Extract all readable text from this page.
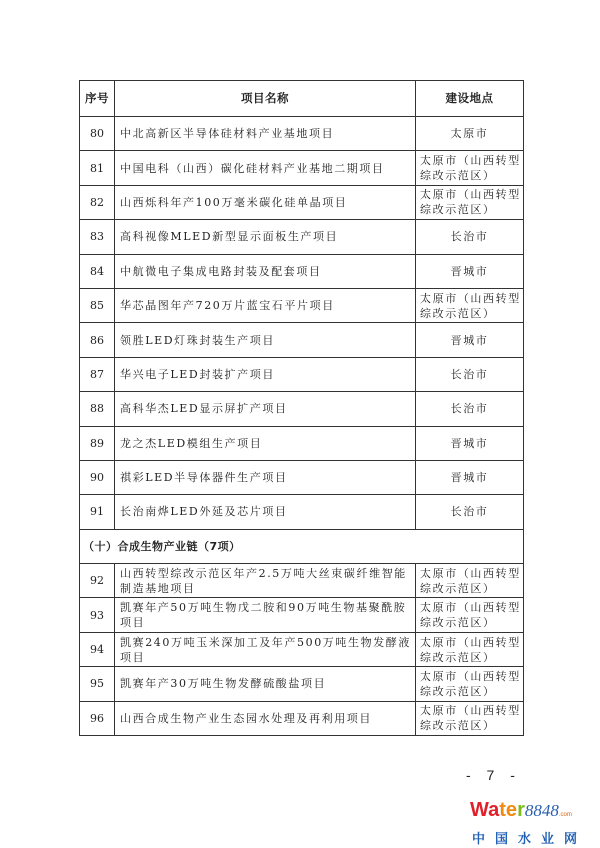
序号	项目名称	建设地点
80	中北高新区半导体硅材料产业基地项目	太原市
81	中国电科（山西）碳化硅材料产业基地二期项目	太原市（山西转型综改示范区）
82	山西烁科年产100万毫米碳化硅单晶项目	太原市（山西转型综改示范区）
83	高科视像MLED新型显示面板生产项目	长治市
84	中航微电子集成电路封装及配套项目	晋城市
85	华芯晶图年产720万片蓝宝石平片项目	太原市（山西转型综改示范区）
86	领胜LED灯珠封装生产项目	晋城市
87	华兴电子LED封装扩产项目	长治市
88	高科华杰LED显示屏扩产项目	长治市
89	龙之杰LED模组生产项目	晋城市
90	祺彩LED半导体器件生产项目	晋城市
91	长治南烨LED外延及芯片项目	长治市
（十）合成生物产业链（7项）		
92	山西转型综改示范区年产2.5万吨大丝束碳纤维智能制造基地项目	太原市（山西转型综改示范区）
93	凯赛年产50万吨生物戊二胺和90万吨生物基聚酰胺项目	太原市（山西转型综改示范区）
94	凯赛240万吨玉米深加工及年产500万吨生物发酵液项目	太原市（山西转型综改示范区）
95	凯赛年产30万吨生物发酵硫酸盐项目	太原市（山西转型综改示范区）
96	山西合成生物产业生态园水处理及再利用项目	太原市（山西转型综改示范区）
- 7 -
Water8848.com
中国水业网
